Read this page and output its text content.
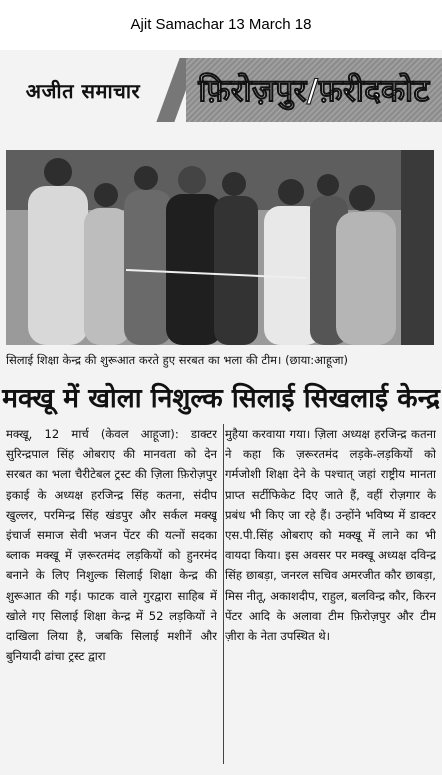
Ajit Samachar 13 March 18
अजीत समाचार	फ़िरोज़पुर/फ़रीदकोट
सिलाई शिक्षा केन्द्र की शुरूआत करते हुए सरबत का भला की टीम। (छाया:आहूजा)
मक्खू में खोला निशुल्क सिलाई सिखलाई केन्द्र

मक्खू, 12 मार्च (केवल आहूजा): डाक्टर सुरिन्द्रपाल सिंह ओबराए की मानवता को देन सरबत का भला चैरीटेबल ट्रस्ट की ज़िला फ़िरोज़पुर इकाई के अध्यक्ष हरजिन्द्र सिंह कतना, संदीप खुल्लर, परमिन्द्र सिंह खंडपुर और सर्कल मक्खू इंचार्ज समाज सेवी भजन पेंटर की यत्नों सदका ब्लाक मक्खू में ज़रूरतमंद लड़कियों को हुनरमंद बनाने के लिए निशुल्क सिलाई शिक्षा केन्द्र की शुरूआत की गई। फाटक वाले गुरद्वारा साहिब में खोले गए सिलाई शिक्षा केन्द्र में 52 लड़कियों ने दाखिला लिया है, जबकि सिलाई मशीनें और बुनियादी ढांचा ट्रस्ट द्वारा

मुहैया करवाया गया। ज़िला अध्यक्ष हरजिन्द्र कतना ने कहा कि ज़रूरतमंद लड़के-लड़कियों को गर्मजोशी शिक्षा देने के पश्चात् जहां राष्ट्रीय मानता प्राप्त सर्टीफिकेट दिए जाते हैं, वहीं रोज़गार के प्रबंध भी किए जा रहे हैं। उन्होंने भविष्य में डाक्टर एस.पी.सिंह ओबराए को मक्खू में लाने का भी वायदा किया। इस अवसर पर मक्खू अध्यक्ष दविन्द्र सिंह छाबड़ा, जनरल सचिव अमरजीत कौर छाबड़ा, मिस नीतू, अकाशदीप, राहुल, बलविन्द्र कौर, किरन पेंटर आदि के अलावा टीम फ़िरोज़पुर और टीम ज़ीरा के नेता उपस्थित थे।
